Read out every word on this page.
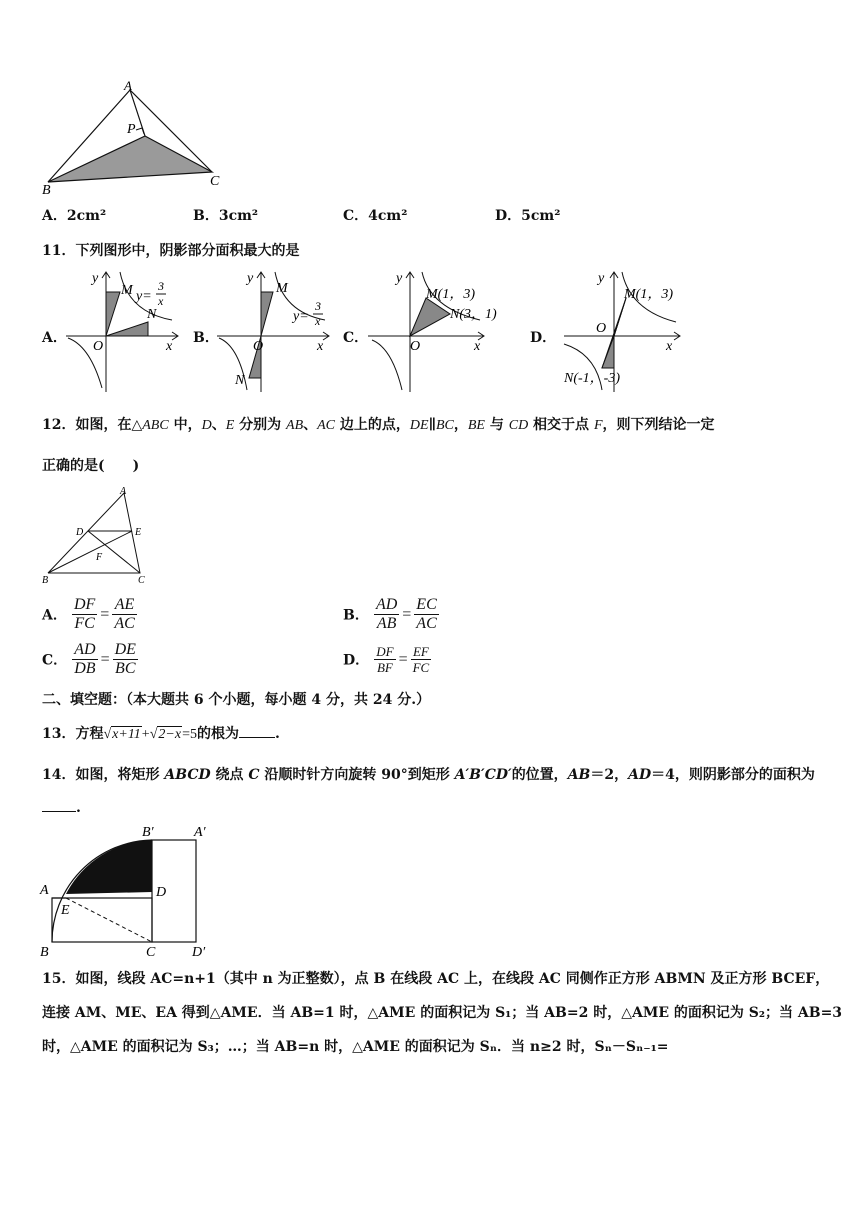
A
P
B
C
A．2cm²	B．3cm²	C．4cm²	D．5cm²
11．下列图形中，阴影部分面积最大的是
A．
y
x
O
M
N
y=
3
x
B．
y
x
O
M
N
y=
3
x
C．
y
x
O
M(1，3)
N(3，1)
D．
y
x
O
M(1，3)
N(-1，-3)
12．如图，在△ABC 中，D、E 分别为 AB、AC 边上的点，DE∥BC，BE 与 CD 相交于点 F，则下列结论一定
正确的是(　　)
A
D	E
F
B	C
A． $\frac{DF}{FC} = \frac{AE}{AC}$	B． $\frac{AD}{AB} = \frac{EC}{AC}$
C． $\frac{AD}{DB} = \frac{DE}{BC}$	D． $\frac{DF}{BF} = \frac{EF}{FC}$
二、填空题：（本大题共 6 个小题，每小题 4 分，共 24 分.）
13．方程√x+11+√2−x=5的根为	.
14．如图，将矩形 ABCD 绕点 C 沿顺时针方向旋转 90°到矩形 A′B′CD′的位置，AB＝2，AD＝4，则阴影部分的面积为
.
B′	A′
A	D
E
B	C	D′
15．如图，线段 AC=n+1（其中 n 为正整数），点 B 在线段 AC 上，在线段 AC 同侧作正方形 ABMN 及正方形 BCEF，
连接 AM、ME、EA 得到△AME．当 AB=1 时，△AME 的面积记为 S₁；当 AB=2 时，△AME 的面积记为 S₂；当 AB=3
时，△AME 的面积记为 S₃；…；当 AB=n 时，△AME 的面积记为 Sₙ．当 n≥2 时，Sₙ－Sₙ₋₁=
